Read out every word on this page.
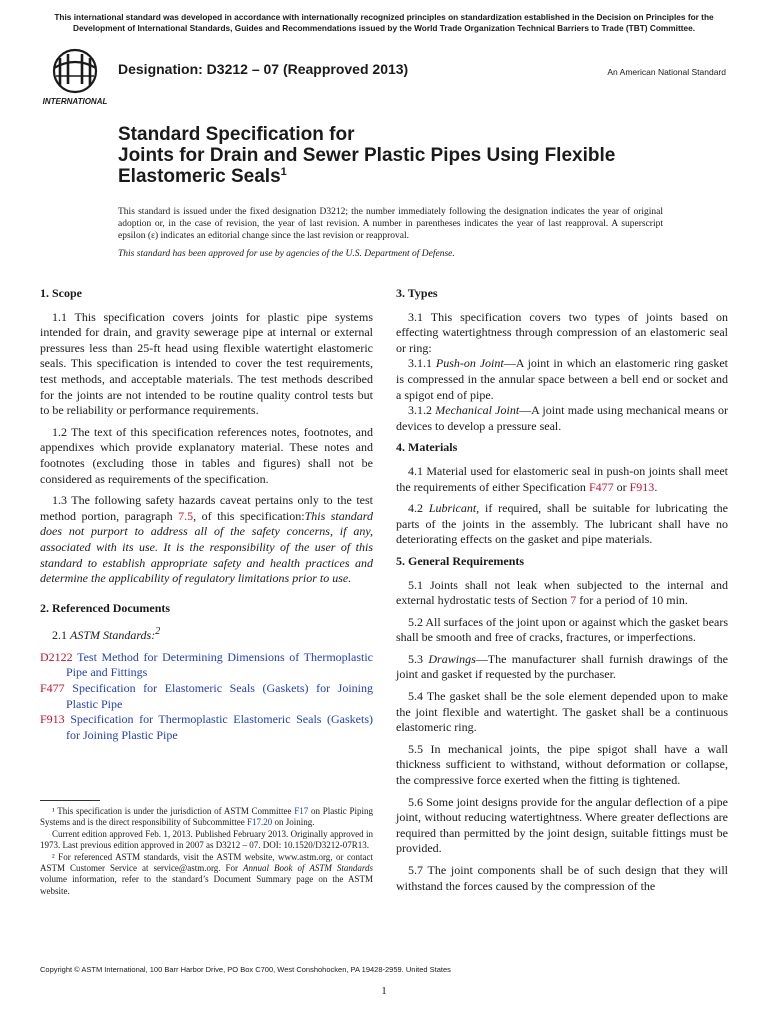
This international standard was developed in accordance with internationally recognized principles on standardization established in the Decision on Principles for the Development of International Standards, Guides and Recommendations issued by the World Trade Organization Technical Barriers to Trade (TBT) Committee.
INTERNATIONAL
Designation: D3212 – 07 (Reapproved 2013)	An American National Standard
Standard Specification for
Joints for Drain and Sewer Plastic Pipes Using Flexible
Elastomeric Seals$^1$
This standard is issued under the fixed designation D3212; the number immediately following the designation indicates the year of original adoption or, in the case of revision, the year of last revision. A number in parentheses indicates the year of last reapproval. A superscript epsilon (ε) indicates an editorial change since the last revision or reapproval.
This standard has been approved for use by agencies of the U.S. Department of Defense.
1. Scope

1.1 This specification covers joints for plastic pipe systems intended for drain, and gravity sewerage pipe at internal or external pressures less than 25-ft head using flexible watertight elastomeric seals. This specification is intended to cover the test requirements, test methods, and acceptable materials. The test methods described for the joints are not intended to be routine quality control tests but to be reliability or performance requirements.

1.2 The text of this specification references notes, footnotes, and appendixes which provide explanatory material. These notes and footnotes (excluding those in tables and figures) shall not be considered as requirements of the specification.

1.3 The following safety hazards caveat pertains only to the test method portion, paragraph 7.5, of this specification:This standard does not purport to address all of the safety concerns, if any, associated with its use. It is the responsibility of the user of this standard to establish appropriate safety and health practices and determine the applicability of regulatory limitations prior to use.

2. Referenced Documents

2.1 ASTM Standards:$^2$

D2122 Test Method for Determining Dimensions of Thermoplastic Pipe and Fittings

F477 Specification for Elastomeric Seals (Gaskets) for Joining Plastic Pipe

F913 Specification for Thermoplastic Elastomeric Seals (Gaskets) for Joining Plastic Pipe

¹ This specification is under the jurisdiction of ASTM Committee F17 on Plastic Piping Systems and is the direct responsibility of Subcommittee F17.20 on Joining.

Current edition approved Feb. 1, 2013. Published February 2013. Originally approved in 1973. Last previous edition approved in 2007 as D3212 – 07. DOI: 10.1520/D3212-07R13.

² For referenced ASTM standards, visit the ASTM website, www.astm.org, or contact ASTM Customer Service at service@astm.org. For Annual Book of ASTM Standards volume information, refer to the standard’s Document Summary page on the ASTM website.

3. Types

3.1 This specification covers two types of joints based on effecting watertightness through compression of an elastomeric seal or ring:

3.1.1 Push-on Joint—A joint in which an elastomeric ring gasket is compressed in the annular space between a bell end or socket and a spigot end of pipe.

3.1.2 Mechanical Joint—A joint made using mechanical means or devices to develop a pressure seal.

4. Materials

4.1 Material used for elastomeric seal in push-on joints shall meet the requirements of either Specification F477 or F913.

4.2 Lubricant, if required, shall be suitable for lubricating the parts of the joints in the assembly. The lubricant shall have no deteriorating effects on the gasket and pipe materials.

5. General Requirements

5.1 Joints shall not leak when subjected to the internal and external hydrostatic tests of Section 7 for a period of 10 min.

5.2 All surfaces of the joint upon or against which the gasket bears shall be smooth and free of cracks, fractures, or imperfections.

5.3 Drawings—The manufacturer shall furnish drawings of the joint and gasket if requested by the purchaser.

5.4 The gasket shall be the sole element depended upon to make the joint flexible and watertight. The gasket shall be a continuous elastomeric ring.

5.5 In mechanical joints, the pipe spigot shall have a wall thickness sufficient to withstand, without deformation or collapse, the compressive force exerted when the fitting is tightened.

5.6 Some joint designs provide for the angular deflection of a pipe joint, without reducing watertightness. Where greater deflections are required than permitted by the joint design, suitable fittings must be provided.

5.7 The joint components shall be of such design that they will withstand the forces caused by the compression of the

Copyright © ASTM International, 100 Barr Harbor Drive, PO Box C700, West Conshohocken, PA 19428-2959. United States
1
